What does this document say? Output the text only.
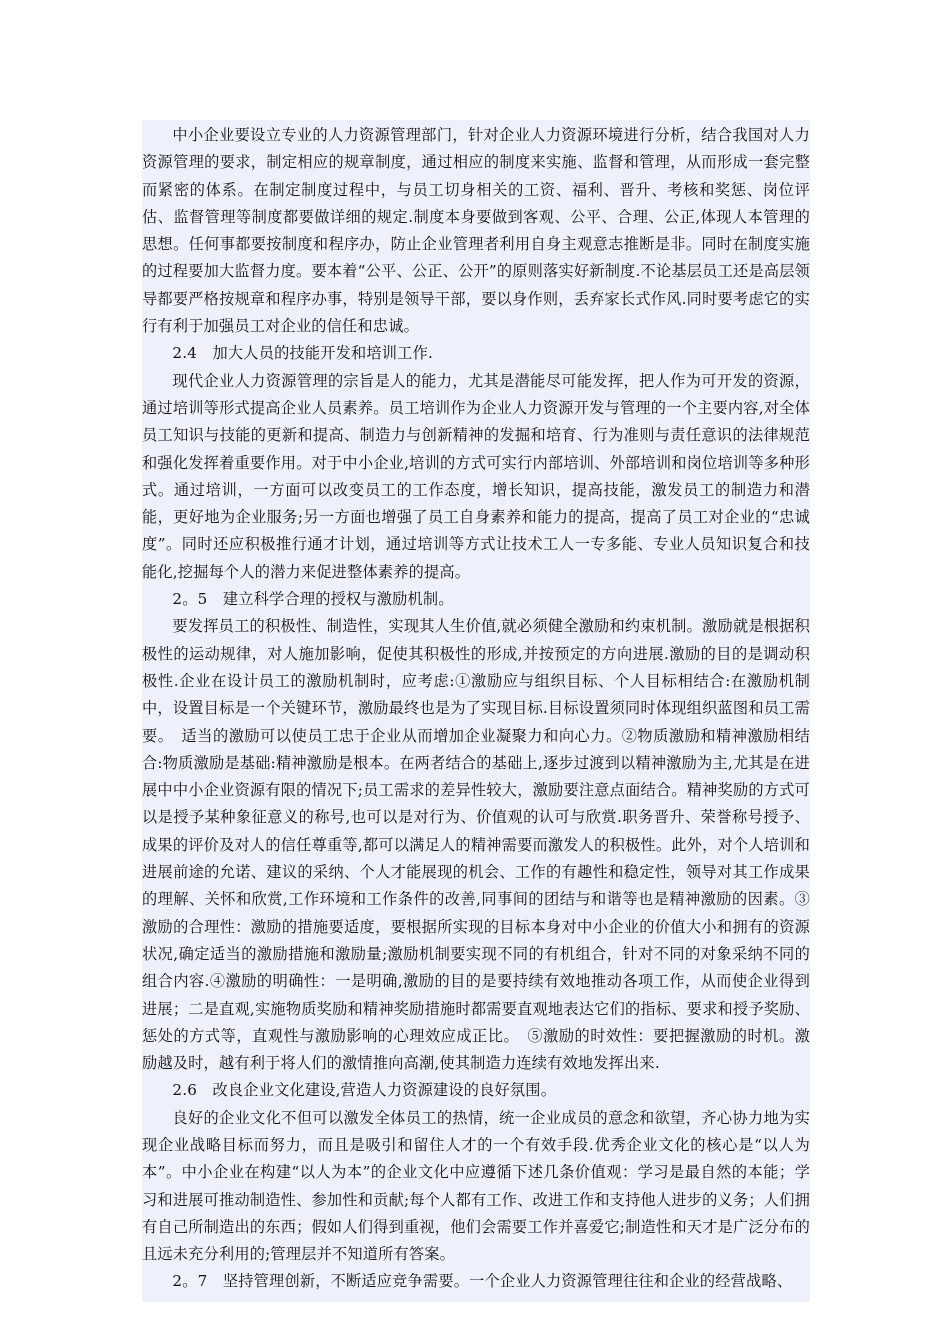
中小企业要设立专业的人力资源管理部门，针对企业人力资源环境进行分析，结合我国对人力资源管理的要求，制定相应的规章制度，通过相应的制度来实施、监督和管理，从而形成一套完整而紧密的体系。在制定制度过程中，与员工切身相关的工资、福利、晋升、考核和奖惩、岗位评估、监督管理等制度都要做详细的规定.制度本身要做到客观、公平、合理、公正,体现人本管理的思想。任何事都要按制度和程序办，防止企业管理者利用自身主观意志推断是非。同时在制度实施的过程要加大监督力度。要本着“公平、公正、公开”的原则落实好新制度.不论基层员工还是高层领导都要严格按规章和程序办事，特别是领导干部，要以身作则，丢弃家长式作风.同时要考虑它的实行有利于加强员工对企业的信任和忠诚。

2.4　加大人员的技能开发和培训工作.

现代企业人力资源管理的宗旨是人的能力，尤其是潜能尽可能发挥，把人作为可开发的资源，通过培训等形式提高企业人员素养。员工培训作为企业人力资源开发与管理的一个主要内容,对全体员工知识与技能的更新和提高、制造力与创新精神的发掘和培育、行为准则与责任意识的法律规范和强化发挥着重要作用。对于中小企业,培训的方式可实行内部培训、外部培训和岗位培训等多种形式。通过培训，一方面可以改变员工的工作态度，增长知识，提高技能，激发员工的制造力和潜能，更好地为企业服务;另一方面也增强了员工自身素养和能力的提高，提高了员工对企业的“忠诚度”。同时还应积极推行通才计划，通过培训等方式让技术工人一专多能、专业人员知识复合和技能化,挖掘每个人的潜力来促进整体素养的提高。

2。5　建立科学合理的授权与激励机制。

要发挥员工的积极性、制造性，实现其人生价值,就必须健全激励和约束机制。激励就是根据积极性的运动规律，对人施加影响，促使其积极性的形成,并按预定的方向进展.激励的目的是调动积极性.企业在设计员工的激励机制时，应考虑:①激励应与组织目标、个人目标相结合:在激励机制中，设置目标是一个关键环节，激励最终也是为了实现目标.目标设置须同时体现组织蓝图和员工需要。　适当的激励可以使员工忠于企业从而增加企业凝聚力和向心力。②物质激励和精神激励相结合:物质激励是基础:精神激励是根本。在两者结合的基础上,逐步过渡到以精神激励为主,尤其是在进展中中小企业资源有限的情况下;员工需求的差异性较大，激励要注意点面结合。精神奖励的方式可以是授予某种象征意义的称号,也可以是对行为、价值观的认可与欣赏.职务晋升、荣誉称号授予、成果的评价及对人的信任尊重等,都可以满足人的精神需要而激发人的积极性。此外，对个人培训和进展前途的允诺、建议的采纳、个人才能展现的机会、工作的有趣性和稳定性，领导对其工作成果的理解、关怀和欣赏,工作环境和工作条件的改善,同事间的团结与和谐等也是精神激励的因素。③激励的合理性：激励的措施要适度，要根据所实现的目标本身对中小企业的价值大小和拥有的资源状况,确定适当的激励措施和激励量;激励机制要实现不同的有机组合，针对不同的对象采纳不同的组合内容.④激励的明确性：一是明确,激励的目的是要持续有效地推动各项工作，从而使企业得到进展；二是直观,实施物质奖励和精神奖励措施时都需要直观地表达它们的指标、要求和授予奖励、惩处的方式等，直观性与激励影响的心理效应成正比。　⑤激励的时效性：要把握激励的时机。激励越及时，越有利于将人们的激情推向高潮,使其制造力连续有效地发挥出来.

2.6　改良企业文化建设,营造人力资源建设的良好氛围。

良好的企业文化不但可以激发全体员工的热情，统一企业成员的意念和欲望，齐心协力地为实现企业战略目标而努力，而且是吸引和留住人才的一个有效手段.优秀企业文化的核心是“以人为本”。中小企业在构建“以人为本”的企业文化中应遵循下述几条价值观：学习是最自然的本能；学习和进展可推动制造性、参加性和贡献;每个人都有工作、改进工作和支持他人进步的义务；人们拥有自己所制造出的东西；假如人们得到重视，他们会需要工作并喜爱它;制造性和天才是广泛分布的且远未充分利用的;管理层并不知道所有答案。

2。7　坚持管理创新，不断适应竞争需要。一个企业人力资源管理往往和企业的经营战略、
